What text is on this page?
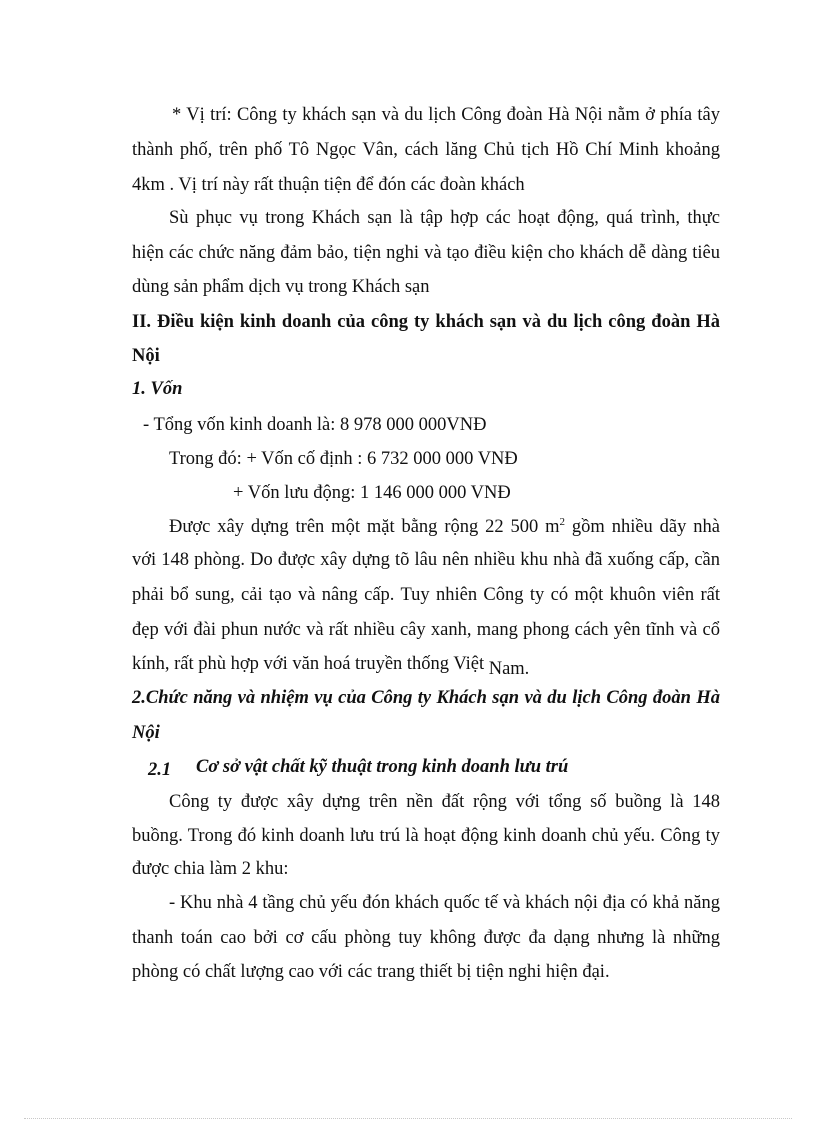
* Vị trí: Công ty khách sạn và du lịch Công đoàn Hà Nội nằm ở phía tây
thành phố, trên phố Tô Ngọc Vân, cách lăng Chủ tịch Hồ Chí Minh khoảng
4km . Vị trí này rất thuận tiện để đón các đoàn khách
Sù phục vụ trong Khách sạn là tập hợp các hoạt động, quá trình, thực
hiện các chức năng đảm bảo, tiện nghi và tạo điều kiện cho khách dễ dàng tiêu
dùng sản phẩm dịch vụ trong Khách sạn
II. Điều kiện kinh doanh của công ty khách sạn và du lịch công đoàn Hà
Nội
1. Vốn
- Tổng vốn kinh doanh là: 8 978 000 000VNĐ
Trong đó: + Vốn cố định : 6 732 000 000 VNĐ
+ Vốn lưu động: 1 146 000 000 VNĐ
Được xây dựng trên một mặt bằng rộng 22 500 $m^2$ gồm nhiều dãy nhà
với 148 phòng. Do được xây dựng tõ lâu nên nhiều khu nhà đã xuống cấp, cần
phải bổ sung, cải tạo và nâng cấp. Tuy nhiên Công ty có một khuôn viên rất
đẹp với đài phun nước và rất nhiều cây xanh, mang phong cách yên tĩnh và cổ
kính, rất phù hợp với văn hoá truyền thống Việt Nam.
2.Chức năng và nhiệm vụ của Công ty Khách sạn và du lịch Công đoàn Hà
Nội
2.1 Cơ sở vật chất kỹ thuật trong kinh doanh lưu trú
Công ty được xây dựng trên nền đất rộng với tổng số buồng là 148
buồng. Trong đó kinh doanh lưu trú là hoạt động kinh doanh chủ yếu. Công ty
được chia làm 2 khu:
- Khu nhà 4 tầng chủ yếu đón khách quốc tế và khách nội địa có khả năng
thanh toán cao bởi cơ cấu phòng tuy không được đa dạng nhưng là những
phòng có chất lượng cao với các trang thiết bị tiện nghi hiện đại.
